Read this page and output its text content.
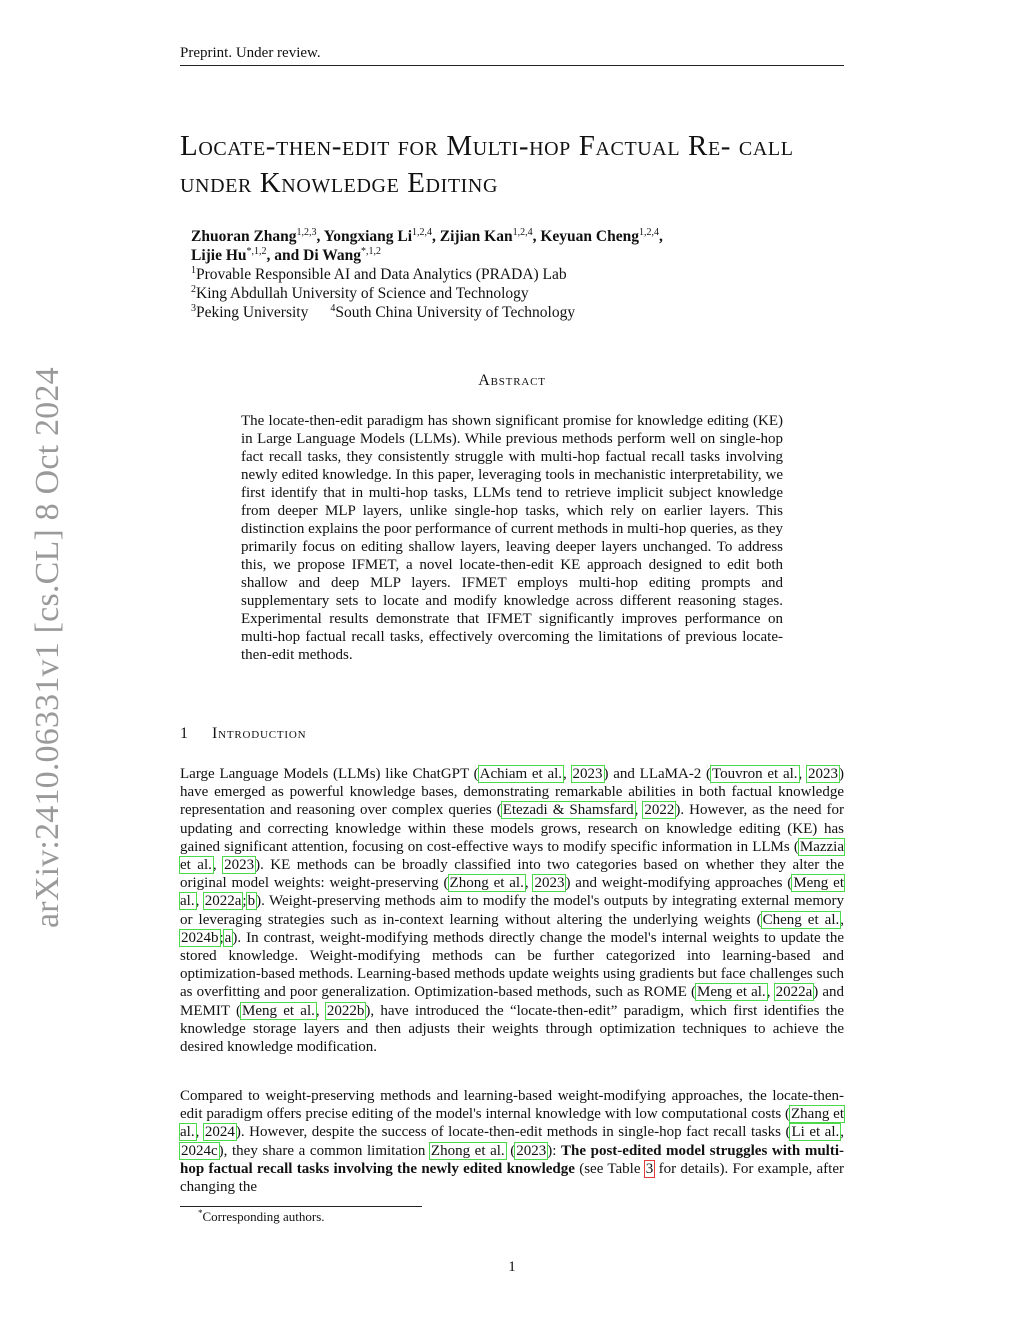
Preprint. Under review.
arXiv:2410.06331v1 [cs.CL] 8 Oct 2024
Locate-then-edit for Multi-hop Factual Re- call under Knowledge Editing
Zhuoran Zhang$^{1,2,3}$, Yongxiang Li$^{1,2,4}$, Zijian Kan$^{1,2,4}$, Keyuan Cheng$^{1,2,4}$,
Lijie $Hu^{*,1,2}$, and Di Wang$^{*,1,2}$
$^1$Provable Responsible AI and Data Analytics (PRADA) Lab
$^2$King Abdullah University of Science and Technology
$^3$Peking University $^4$South China University of Technology
Abstract
The locate-then-edit paradigm has shown significant promise for knowledge editing (KE) in Large Language Models (LLMs). While previous methods perform well on single-hop fact recall tasks, they consistently struggle with multi-hop factual recall tasks involving newly edited knowledge. In this paper, leveraging tools in mechanistic interpretability, we first identify that in multi-hop tasks, LLMs tend to retrieve implicit subject knowledge from deeper MLP layers, unlike single-hop tasks, which rely on earlier layers. This distinction explains the poor performance of current methods in multi-hop queries, as they primarily focus on editing shallow layers, leaving deeper layers unchanged. To address this, we propose IFMET, a novel locate-then-edit KE approach designed to edit both shallow and deep MLP layers. IFMET employs multi-hop editing prompts and supplementary sets to locate and modify knowledge across different reasoning stages. Experimental results demonstrate that IFMET significantly improves performance on multi-hop factual recall tasks, effectively overcoming the limitations of previous locate-then-edit methods.
1 Introduction
Large Language Models (LLMs) like ChatGPT (Achiam et al., 2023) and LLaMA-2 (Touvron et al., 2023) have emerged as powerful knowledge bases, demonstrating remarkable abilities in both factual knowledge representation and reasoning over complex queries (Etezadi & Shamsfard, 2022). However, as the need for updating and correcting knowledge within these models grows, research on knowledge editing (KE) has gained significant attention, focusing on cost-effective ways to modify specific information in LLMs (Mazzia et al., 2023). KE methods can be broadly classified into two categories based on whether they alter the original model weights: weight-preserving (Zhong et al., 2023) and weight-modifying approaches (Meng et al., 2022a;b). Weight-preserving methods aim to modify the model's outputs by integrating external memory or leveraging strategies such as in-context learning without altering the underlying weights (Cheng et al., 2024b;a). In contrast, weight-modifying methods directly change the model's internal weights to update the stored knowledge. Weight-modifying methods can be further categorized into learning-based and optimization-based methods. Learning-based methods update weights using gradients but face challenges such as overfitting and poor generalization. Optimization-based methods, such as ROME (Meng et al., 2022a) and MEMIT (Meng et al., 2022b), have introduced the “locate-then-edit” paradigm, which first identifies the knowledge storage layers and then adjusts their weights through optimization techniques to achieve the desired knowledge modification.
Compared to weight-preserving methods and learning-based weight-modifying approaches, the locate-then-edit paradigm offers precise editing of the model's internal knowledge with low computational costs (Zhang et al., 2024). However, despite the success of locate-then-edit methods in single-hop fact recall tasks (Li et al., 2024c), they share a common limitation Zhong et al. (2023): The post-edited model struggles with multi-hop factual recall tasks involving the newly edited knowledge (see Table 3 for details). For example, after changing the
*Corresponding authors.
1
